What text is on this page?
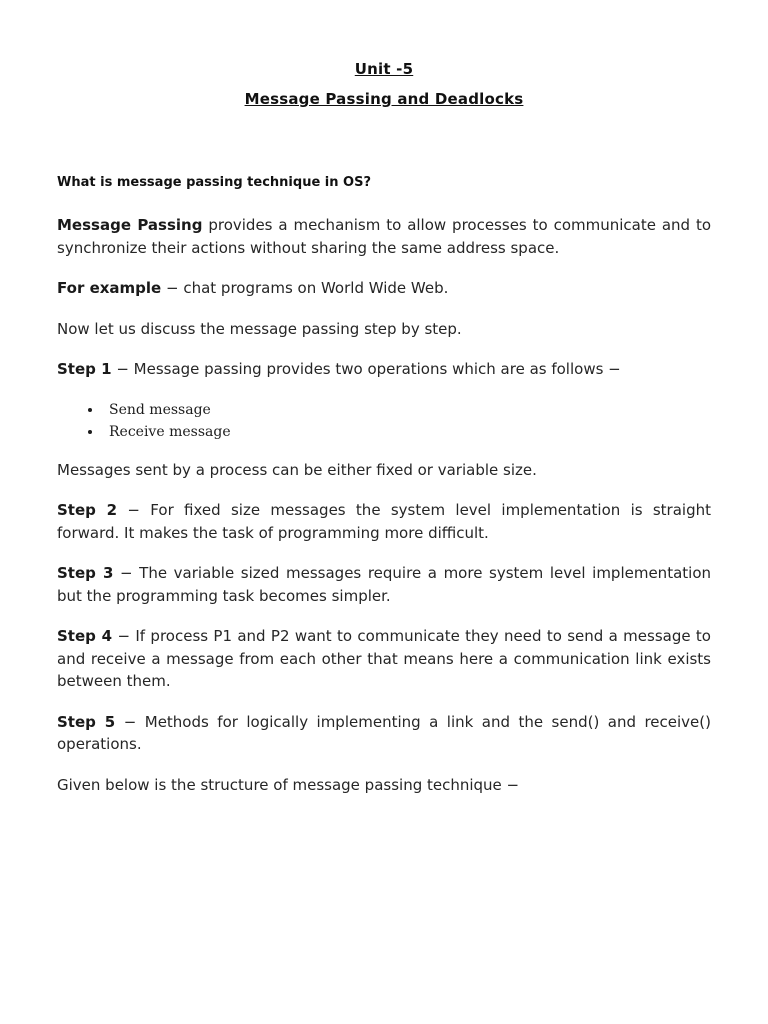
Unit -5
Message Passing and Deadlocks
What is message passing technique in OS?

Message Passing provides a mechanism to allow processes to communicate and to synchronize their actions without sharing the same address space.

For example − chat programs on World Wide Web.

Now let us discuss the message passing step by step.

Step 1 − Message passing provides two operations which are as follows −

• Send message
• Receive message

Messages sent by a process can be either fixed or variable size.

Step 2 − For fixed size messages the system level implementation is straight forward. It makes the task of programming more difficult.

Step 3 − The variable sized messages require a more system level implementation but the programming task becomes simpler.

Step 4 − If process P1 and P2 want to communicate they need to send a message to and receive a message from each other that means here a communication link exists between them.

Step 5 − Methods for logically implementing a link and the send() and receive() operations.

Given below is the structure of message passing technique −
